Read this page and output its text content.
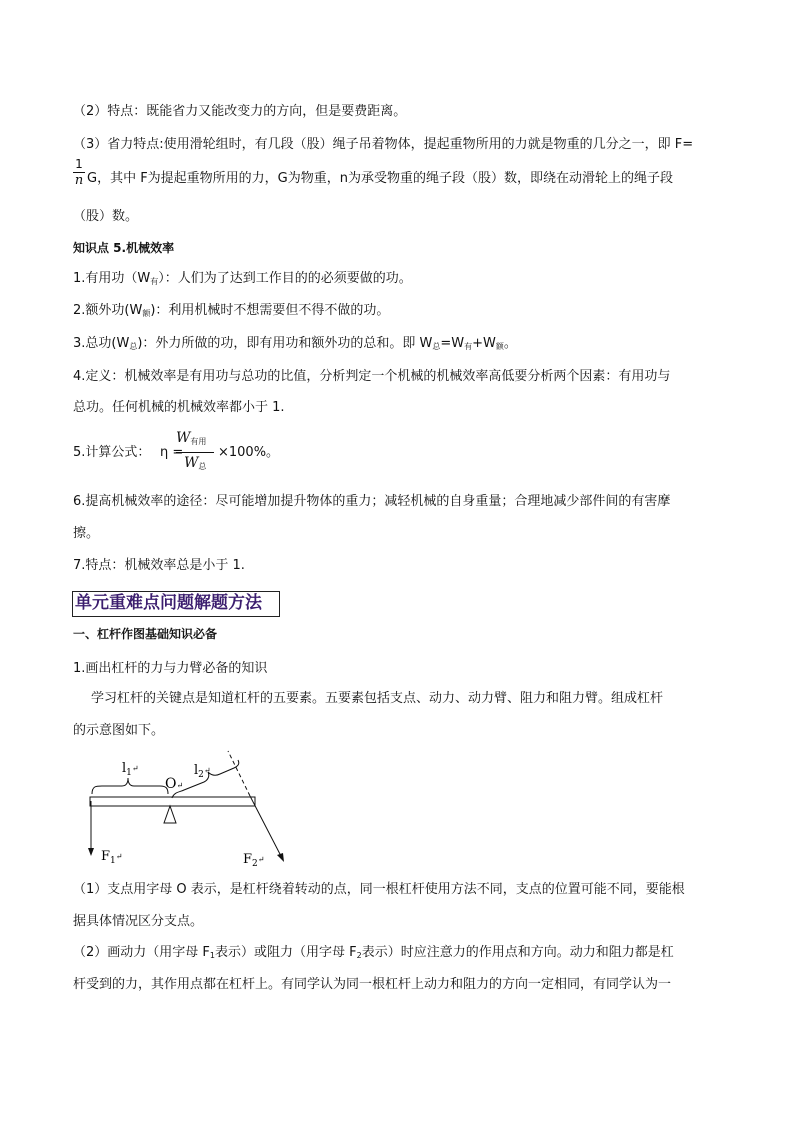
（2）特点：既能省力又能改变力的方向，但是要费距离。
（3）省力特点:使用滑轮组时，有几段（股）绳子吊着物体，提起重物所用的力就是物重的几分之一，即 F=
1
n G，其中 F为提起重物所用的力，G为物重，n为承受物重的绳子段（股）数，即绕在动滑轮上的绳子段
（股）数。
知识点 5.机械效率
1.有用功$(W_有)$：人们为了达到工作目的的必须要做的功。
2.额外功$(W_额)$：利用机械时不想需要但不得不做的功。
3.总功$(W_总)$：外力所做的功，即有用功和额外功的总和。即 $W_总=W_有+W_额$。
4.定义：机械效率是有用功与总功的比值，分析判定一个机械的机械效率高低要分析两个因素：有用功与
总功。任何机械的机械效率都小于 1.
5.计算公式： η =
$W_{有用}$
$W_总$
×100%。
6.提高机械效率的途径：尽可能增加提升物体的重力；减轻机械的自身重量；合理地减少部件间的有害摩
擦。
7.特点：机械效率总是小于 1.
单元重难点问题解题方法
一、杠杆作图基础知识必备
1.画出杠杆的力与力臂必备的知识
学习杠杆的关键点是知道杠杆的五要素。五要素包括支点、动力、动力臂、阻力和阻力臂。组成杠杆
的示意图如下。
$l_1^↵$
O↵
$l_2^↵$
$F_1^↵$	$F_2^↵$
（1）支点用字母 O 表示，是杠杆绕着转动的点，同一根杠杆使用方法不同，支点的位置可能不同，要能根
据具体情况区分支点。
（2）画动力（用字母 $F_1$表示）或阻力（用字母 $F_2$表示）时应注意力的作用点和方向。动力和阻力都是杠
杆受到的力，其作用点都在杠杆上。有同学认为同一根杠杆上动力和阻力的方向一定相同，有同学认为一
